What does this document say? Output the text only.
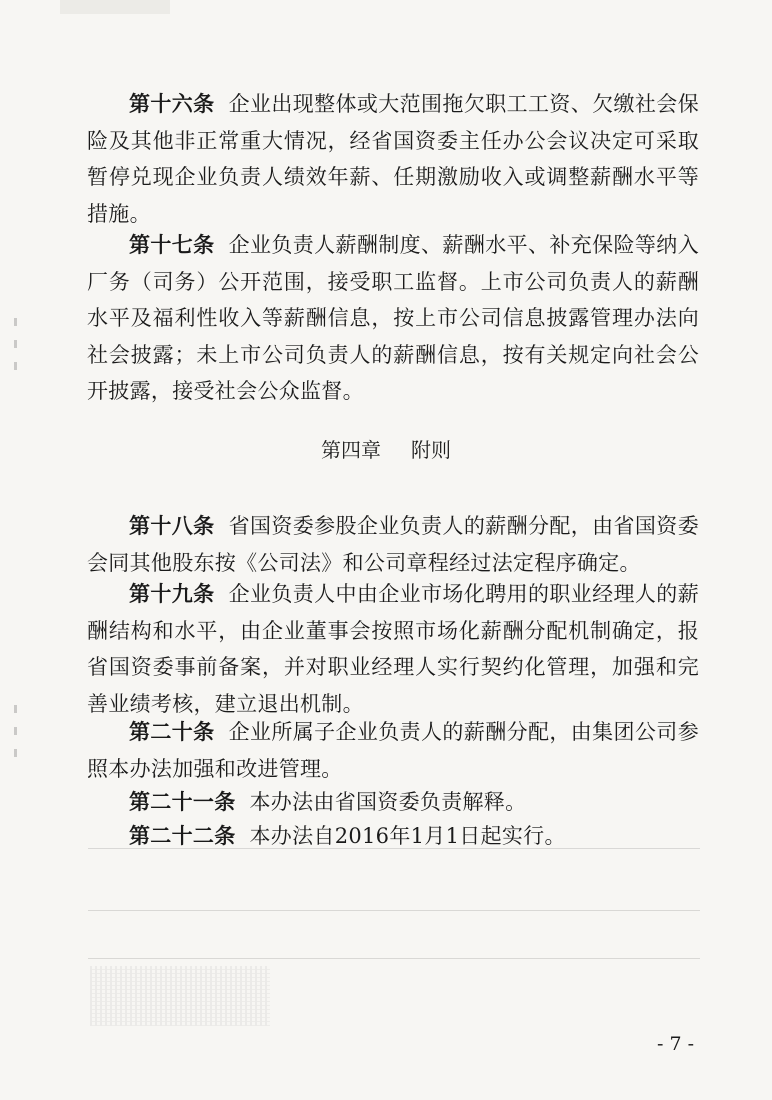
第十六条 企业出现整体或大范围拖欠职工工资、欠缴社会保险及其他非正常重大情况，经省国资委主任办公会议决定可采取暂停兑现企业负责人绩效年薪、任期激励收入或调整薪酬水平等措施。
第十七条 企业负责人薪酬制度、薪酬水平、补充保险等纳入厂务（司务）公开范围，接受职工监督。上市公司负责人的薪酬水平及福利性收入等薪酬信息，按上市公司信息披露管理办法向社会披露；未上市公司负责人的薪酬信息，按有关规定向社会公开披露，接受社会公众监督。
第四章 附则
第十八条 省国资委参股企业负责人的薪酬分配，由省国资委会同其他股东按《公司法》和公司章程经过法定程序确定。
第十九条 企业负责人中由企业市场化聘用的职业经理人的薪酬结构和水平，由企业董事会按照市场化薪酬分配机制确定，报省国资委事前备案，并对职业经理人实行契约化管理，加强和完善业绩考核，建立退出机制。
第二十条 企业所属子企业负责人的薪酬分配，由集团公司参照本办法加强和改进管理。
第二十一条 本办法由省国资委负责解释。
第二十二条 本办法自2016年1月1日起实行。
- 7 -
